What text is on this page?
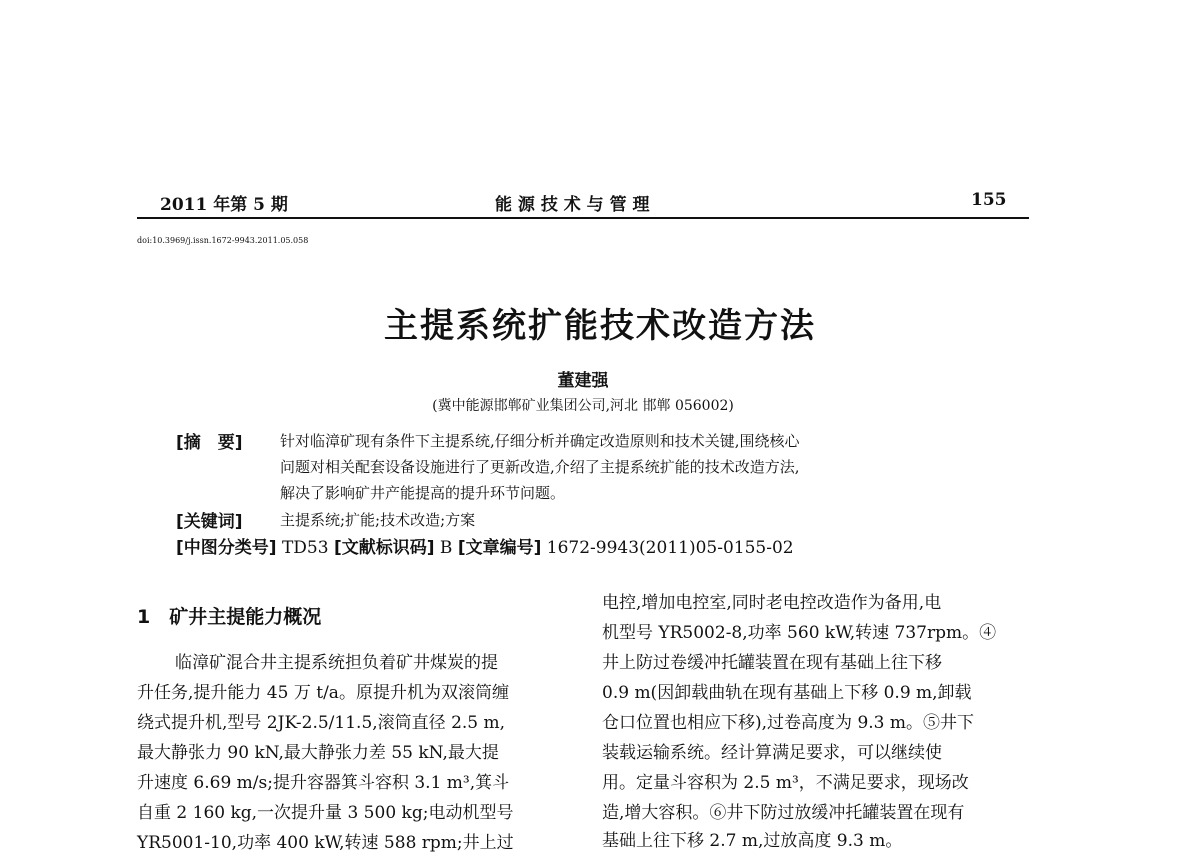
2011 年第 5 期	能 源 技 术 与 管 理	155
doi:10.3969/j.issn.1672-9943.2011.05.058
主提系统扩能技术改造方法
董建强
(冀中能源邯郸矿业集团公司,河北 邯郸 056002)
[摘　要] 针对临漳矿现有条件下主提系统,仔细分析并确定改造原则和技术关键,围绕核心
问题对相关配套设备设施进行了更新改造,介绍了主提系统扩能的技术改造方法,
解决了影响矿井产能提高的提升环节问题。
[关键词] 主提系统;扩能;技术改造;方案
[中图分类号] TD53 [文献标识码] B [文章编号] 1672-9943(2011)05-0155-02
1　矿井主提能力概况
临漳矿混合井主提系统担负着矿井煤炭的提
升任务,提升能力 45 万 t/a。原提升机为双滚筒缠
绕式提升机,型号 2JK-2.5/11.5,滚筒直径 2.5 m,
最大静张力 90 kN,最大静张力差 55 kN,最大提
升速度 6.69 m/s;提升容器箕斗容积 3.1 m³,箕斗
自重 2 160 kg,一次提升量 3 500 kg;电动机型号
YR5001-10,功率 400 kW,转速 588 rpm;井上过
电控,增加电控室,同时老电控改造作为备用,电
机型号 YR5002-8,功率 560 kW,转速 737rpm。④
井上防过卷缓冲托罐装置在现有基础上往下移
0.9 m(因卸载曲轨在现有基础上下移 0.9 m,卸载
仓口位置也相应下移),过卷高度为 9.3 m。⑤井下
装载运输系统。经计算满足要求，可以继续使
用。定量斗容积为 2.5 m³，不满足要求，现场改
造,增大容积。⑥井下防过放缓冲托罐装置在现有
基础上往下移 2.7 m,过放高度 9.3 m。
